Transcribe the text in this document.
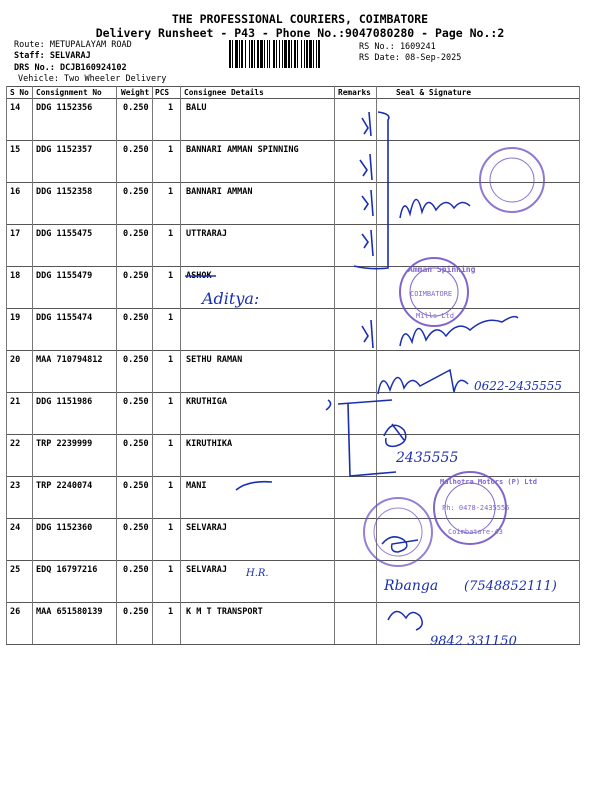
THE PROFESSIONAL COURIERS, COIMBATORE
Delivery Runsheet - P43 - Phone No.:9047080280 - Page No.:2
Route: METUPALAYAM ROAD
Staff: SELVARAJ
DRS No.: DCJB160924102
Vehicle: Two Wheeler Delivery
RS No.: 1609241
RS Date: 08-Sep-2025
S No Consignment No Weight PCS Consignee Details	Remarks	Seal & Signature
14 DDG 1152356	0.250 1 BALU
15 DDG 1152357	0.250 1 BANNARI AMMAN SPINNING
16 DDG 1152358	0.250 1 BANNARI AMMAN
17 DDG 1155475	0.250 1 UTTRARAJ
18 DDG 1155479	0.250 1 ASHOK
19 DDG 1155474	0.250 1
20 MAA 710794812 0.250 1 SETHU RAMAN
21 DDG 1151986	0.250 1 KRUTHIGA
22 TRP 2239999	0.250 1 KIRUTHIKA
23 TRP 2240074	0.250 1 MANI
24 DDG 1152360	0.250 1 SELVARAJ
25 EDQ 16797216	0.250 1 SELVARAJ
26 MAA 651580139 0.250 1 K M T TRANSPORT
Aditya:
0622-2435555
2435555
H.R.
Rbanga (7548852111)
9842 331150
Amman Spinning
COIMBATORE
Mills Ltd.
Malhotra Motors (P) Ltd
Ph: 0478-2435555
Coimbatore-43
